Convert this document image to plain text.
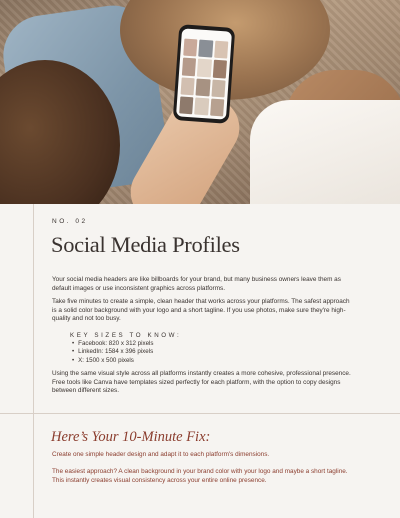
NO. 02
Social Media Profiles

Your social media headers are like billboards for your brand, but many business owners leave them as default images or use inconsistent graphics across platforms.

Take five minutes to create a simple, clean header that works across your platforms. The safest approach is a solid color background with your logo and a short tagline. If you use photos, make sure they're high-quality and not too busy.

KEY SIZES TO KNOW:
• Facebook: 820 x 312 pixels
• LinkedIn: 1584 x 396 pixels
• X: 1500 x 500 pixels

Using the same visual style across all platforms instantly creates a more cohesive, professional presence. Free tools like Canva have templates sized perfectly for each platform, with the option to copy designs between different sizes.

Here’s Your 10-Minute Fix:

Create one simple header design and adapt it to each platform's dimensions.

The easiest approach? A clean background in your brand color with your logo and maybe a short tagline. This instantly creates visual consistency across your entire online presence.
